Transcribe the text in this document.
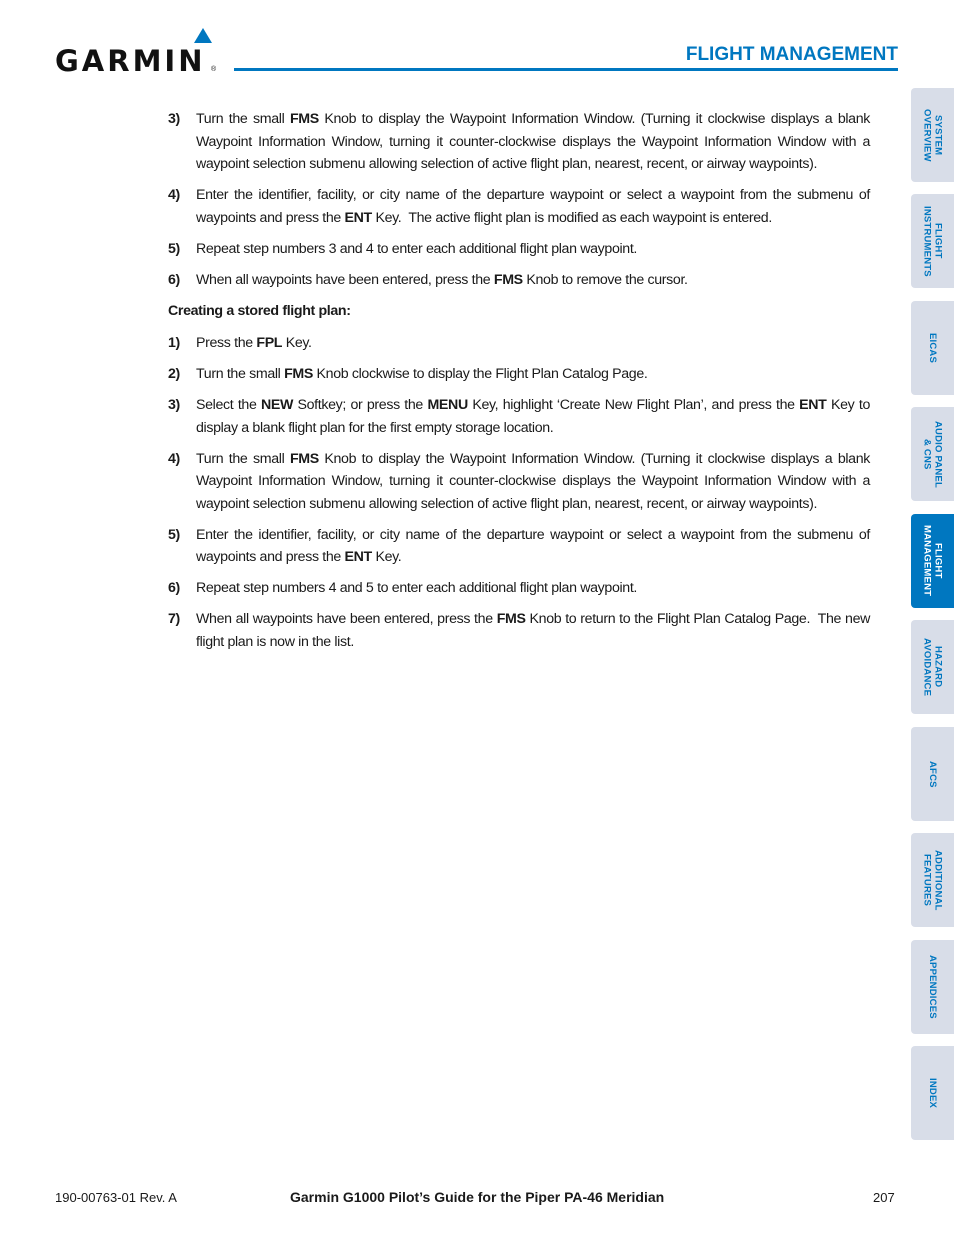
GARMIN ®
FLIGHT MANAGEMENT
3)	Turn the small FMS Knob to display the Waypoint Information Window. (Turning it clockwise displays a blank Waypoint Information Window, turning it counter-clockwise displays the Waypoint Information Window with a waypoint selection submenu allowing selection of active flight plan, nearest, recent, or airway waypoints).
4)	Enter the identifier, facility, or city name of the departure waypoint or select a waypoint from the submenu of waypoints and press the ENT Key.  The active flight plan is modified as each waypoint is entered.
5)	Repeat step numbers 3 and 4 to enter each additional flight plan waypoint.
6)	When all waypoints have been entered, press the FMS Knob to remove the cursor.
Creating a stored flight plan:
1)	Press the FPL Key.
2)	Turn the small FMS Knob clockwise to display the Flight Plan Catalog Page.
3)	Select the NEW Softkey; or press the MENU Key, highlight ‘Create New Flight Plan’, and press the ENT Key to display a blank flight plan for the first empty storage location.
4)	Turn the small FMS Knob to display the Waypoint Information Window. (Turning it clockwise displays a blank Waypoint Information Window, turning it counter-clockwise displays the Waypoint Information Window with a waypoint selection submenu allowing selection of active flight plan, nearest, recent, or airway waypoints).
5)	Enter the identifier, facility, or city name of the departure waypoint or select a waypoint from the submenu of waypoints and press the ENT Key.
6)	Repeat step numbers 4 and 5 to enter each additional flight plan waypoint.
7)	When all waypoints have been entered, press the FMS Knob to return to the Flight Plan Catalog Page.  The new flight plan is now in the list.
SYSTEM
OVERVIEW
FLIGHT
INSTRUMENTS
EICAS
AUDIO PANEL
& CNS
FLIGHT
MANAGEMENT
HAZARD
AVOIDANCE
AFCS
ADDITIONAL
FEATURES
APPENDICES
INDEX
190-00763-01 Rev. A	Garmin G1000 Pilot’s Guide for the Piper PA-46 Meridian	207
